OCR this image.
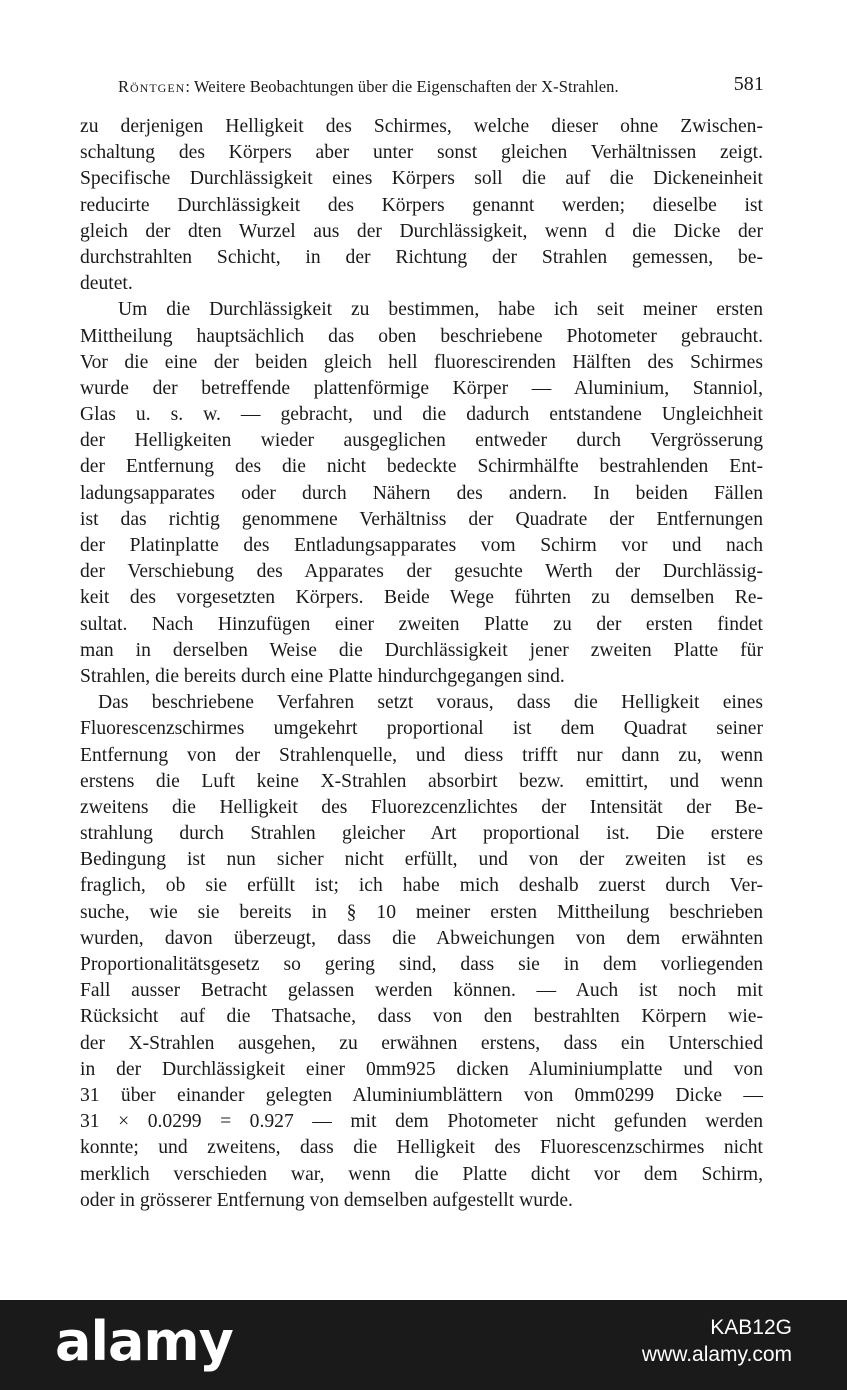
Röntgen: Weitere Beobachtungen über die Eigenschaften der X-Strahlen.	581
zu derjenigen Helligkeit des Schirmes, welche dieser ohne Zwischen-
schaltung des Körpers aber unter sonst gleichen Verhältnissen zeigt.
Specifische Durchlässigkeit eines Körpers soll die auf die Dickeneinheit
reducirte Durchlässigkeit des Körpers genannt werden; dieselbe ist
gleich der dten Wurzel aus der Durchlässigkeit, wenn d die Dicke der
durchstrahlten Schicht, in der Richtung der Strahlen gemessen, be-
deutet.
Um die Durchlässigkeit zu bestimmen, habe ich seit meiner ersten
Mittheilung hauptsächlich das oben beschriebene Photometer gebraucht.
Vor die eine der beiden gleich hell fluorescirenden Hälften des Schirmes
wurde der betreffende plattenförmige Körper — Aluminium, Stanniol,
Glas u. s. w. — gebracht, und die dadurch entstandene Ungleichheit
der Helligkeiten wieder ausgeglichen entweder durch Vergrösserung
der Entfernung des die nicht bedeckte Schirmhälfte bestrahlenden Ent-
ladungsapparates oder durch Nähern des andern. In beiden Fällen
ist das richtig genommene Verhältniss der Quadrate der Entfernungen
der Platinplatte des Entladungsapparates vom Schirm vor und nach
der Verschiebung des Apparates der gesuchte Werth der Durchlässig-
keit des vorgesetzten Körpers. Beide Wege führten zu demselben Re-
sultat. Nach Hinzufügen einer zweiten Platte zu der ersten findet
man in derselben Weise die Durchlässigkeit jener zweiten Platte für
Strahlen, die bereits durch eine Platte hindurchgegangen sind.
Das beschriebene Verfahren setzt voraus, dass die Helligkeit eines
Fluorescenzschirmes umgekehrt proportional ist dem Quadrat seiner
Entfernung von der Strahlenquelle, und diess trifft nur dann zu, wenn
erstens die Luft keine X-Strahlen absorbirt bezw. emittirt, und wenn
zweitens die Helligkeit des Fluorezcenzlichtes der Intensität der Be-
strahlung durch Strahlen gleicher Art proportional ist. Die erstere
Bedingung ist nun sicher nicht erfüllt, und von der zweiten ist es
fraglich, ob sie erfüllt ist; ich habe mich deshalb zuerst durch Ver-
suche, wie sie bereits in § 10 meiner ersten Mittheilung beschrieben
wurden, davon überzeugt, dass die Abweichungen von dem erwähnten
Proportionalitätsgesetz so gering sind, dass sie in dem vorliegenden
Fall ausser Betracht gelassen werden können. — Auch ist noch mit
Rücksicht auf die Thatsache, dass von den bestrahlten Körpern wie-
der X-Strahlen ausgehen, zu erwähnen erstens, dass ein Unterschied
in der Durchlässigkeit einer 0mm925 dicken Aluminiumplatte und von
31 über einander gelegten Aluminiumblättern von 0mm0299 Dicke —
31 × 0.0299 = 0.927 — mit dem Photometer nicht gefunden werden
konnte; und zweitens, dass die Helligkeit des Fluorescenzschirmes nicht
merklich verschieden war, wenn die Platte dicht vor dem Schirm,
oder in grösserer Entfernung von demselben aufgestellt wurde.
alamy	KAB12G
www.alamy.com
